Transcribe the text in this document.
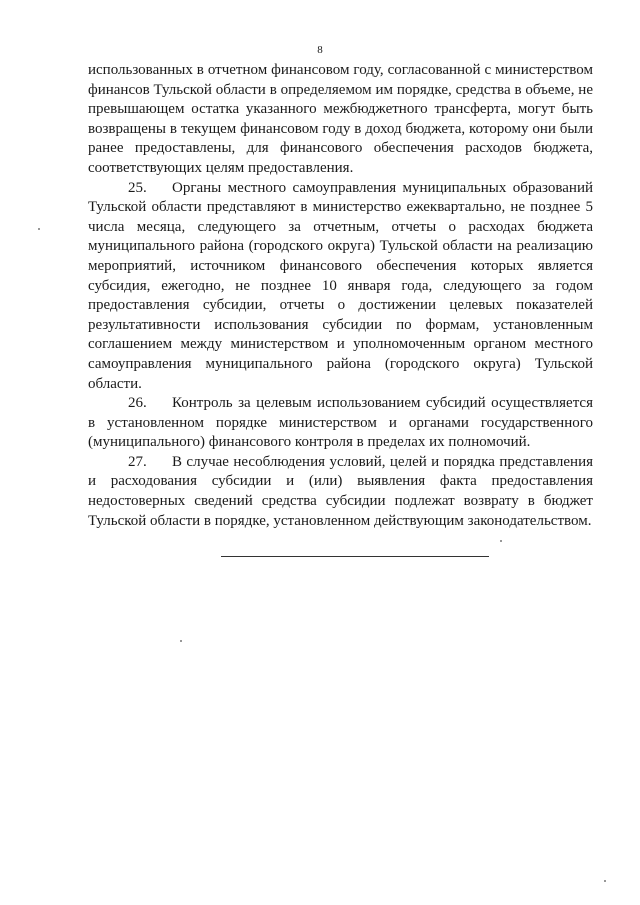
8

использованных в отчетном финансовом году, согласованной с министерством финансов Тульской области в определяемом им порядке, средства в объеме, не превышающем остатка указанного межбюджетного трансферта, могут быть возвращены в текущем финансовом году в доход бюджета, которому они были ранее предоставлены, для финансового обеспечения расходов бюджета, соответствующих целям предоставления.

25. Органы местного самоуправления муниципальных образований Тульской области представляют в министерство ежеквартально, не позднее 5 числа месяца, следующего за отчетным, отчеты о расходах бюджета муниципального района (городского округа) Тульской области на реализацию мероприятий, источником финансового обеспечения которых является субсидия, ежегодно, не позднее 10 января года, следующего за годом предоставления субсидии, отчеты о достижении целевых показателей результативности использования субсидии по формам, установленным соглашением между министерством и уполномоченным органом местного самоуправления муниципального района (городского округа) Тульской области.

26. Контроль за целевым использованием субсидий осуществляется в установленном порядке министерством и органами государственного (муниципального) финансового контроля в пределах их полномочий.

27. В случае несоблюдения условий, целей и порядка представления и расходования субсидии и (или) выявления факта предоставления недостоверных сведений средства субсидии подлежат возврату в бюджет Тульской области в порядке, установленном действующим законодательством.
